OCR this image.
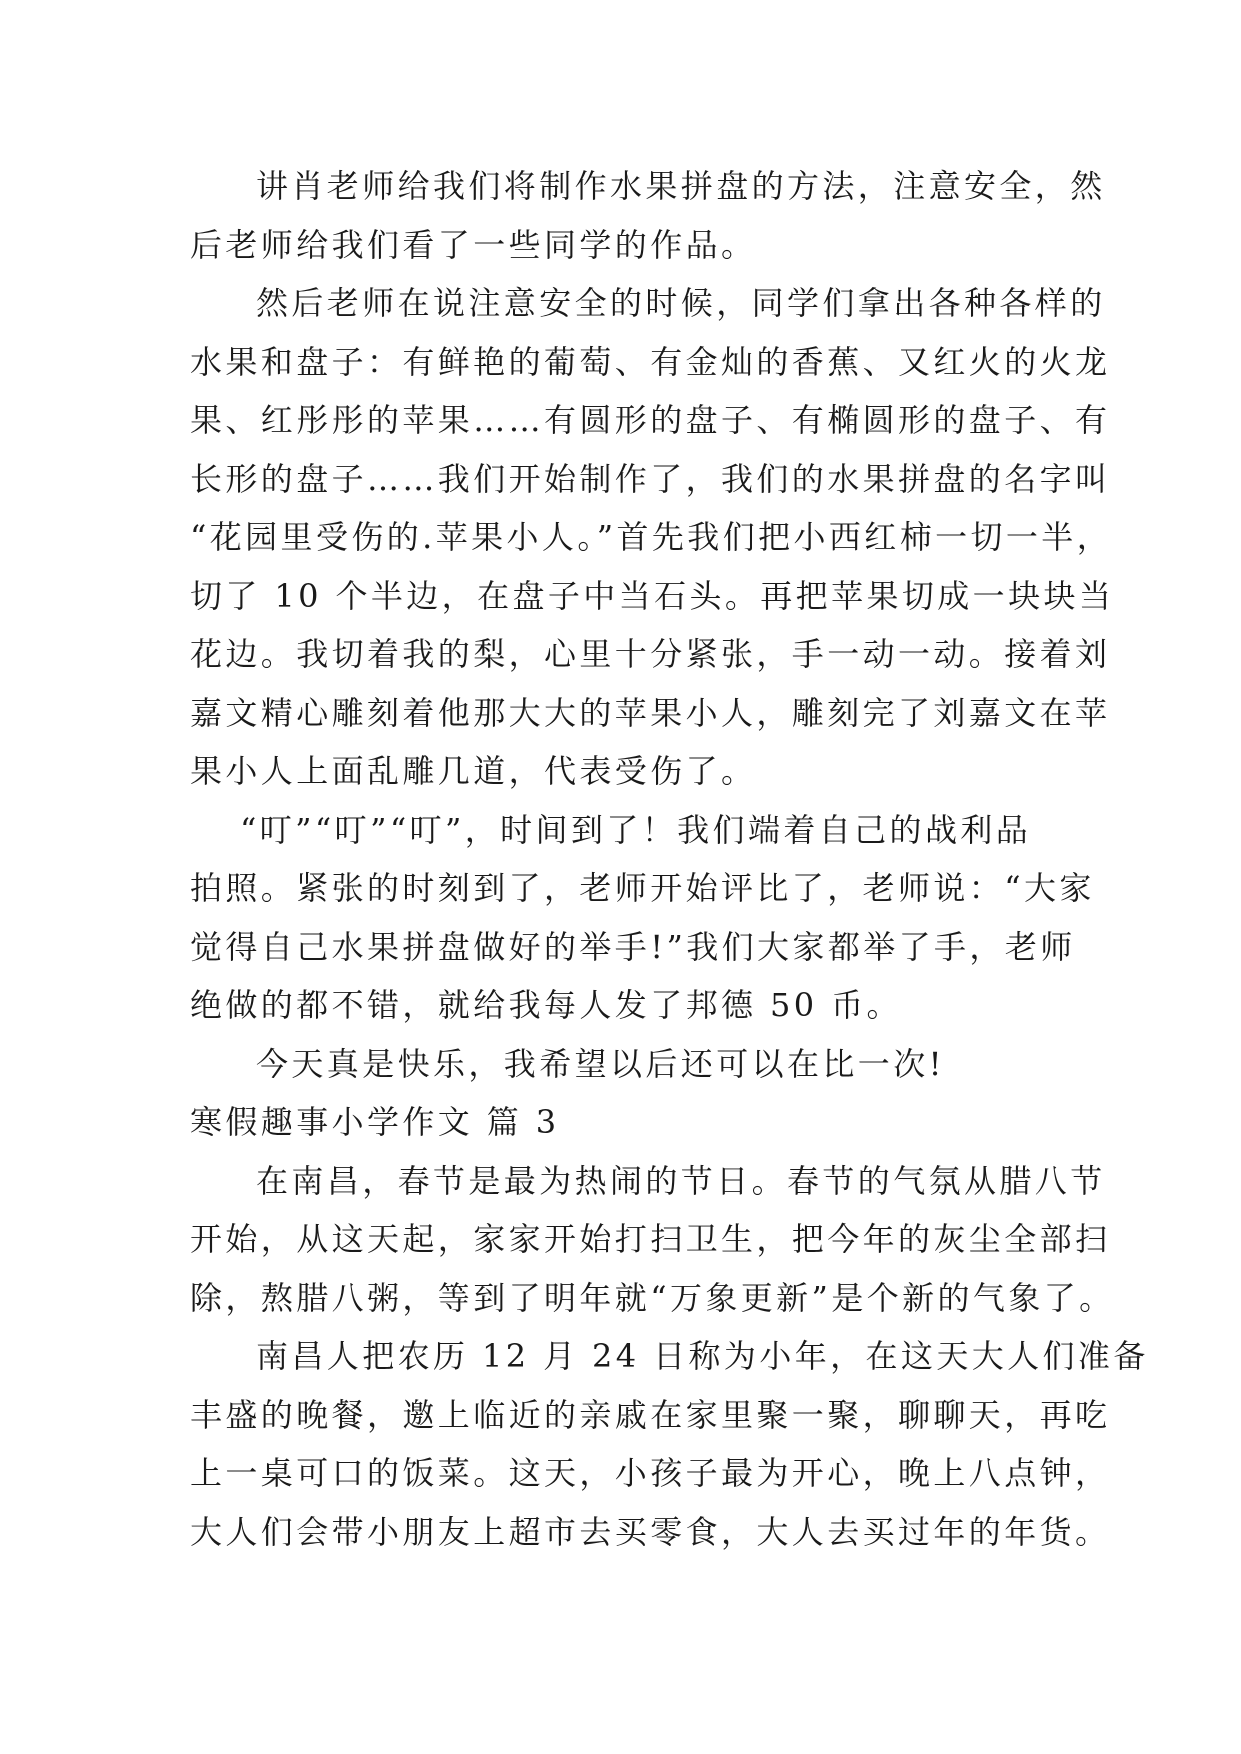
讲肖老师给我们将制作水果拼盘的方法，注意安全，然
后老师给我们看了一些同学的作品。
然后老师在说注意安全的时候，同学们拿出各种各样的
水果和盘子：有鲜艳的葡萄、有金灿的香蕉、又红火的火龙
果、红彤彤的苹果……有圆形的盘子、有椭圆形的盘子、有
长形的盘子……我们开始制作了，我们的水果拼盘的名字叫
“花园里受伤的.苹果小人。”首先我们把小西红柿一切一半，
切了 10 个半边，在盘子中当石头。再把苹果切成一块块当
花边。我切着我的梨，心里十分紧张，手一动一动。接着刘
嘉文精心雕刻着他那大大的苹果小人，雕刻完了刘嘉文在苹
果小人上面乱雕几道，代表受伤了。
“叮”“叮”“叮”，时间到了！我们端着自己的战利品
拍照。紧张的时刻到了，老师开始评比了，老师说：“大家
觉得自己水果拼盘做好的举手!”我们大家都举了手，老师
绝做的都不错，就给我每人发了邦德 50 币。
今天真是快乐，我希望以后还可以在比一次!
寒假趣事小学作文 篇 3
在南昌，春节是最为热闹的节日。春节的气氛从腊八节
开始，从这天起，家家开始打扫卫生，把今年的灰尘全部扫
除，熬腊八粥，等到了明年就“万象更新”是个新的气象了。
南昌人把农历 12 月 24 日称为小年，在这天大人们准备
丰盛的晚餐，邀上临近的亲戚在家里聚一聚，聊聊天，再吃
上一桌可口的饭菜。这天，小孩子最为开心，晚上八点钟，
大人们会带小朋友上超市去买零食，大人去买过年的年货。
